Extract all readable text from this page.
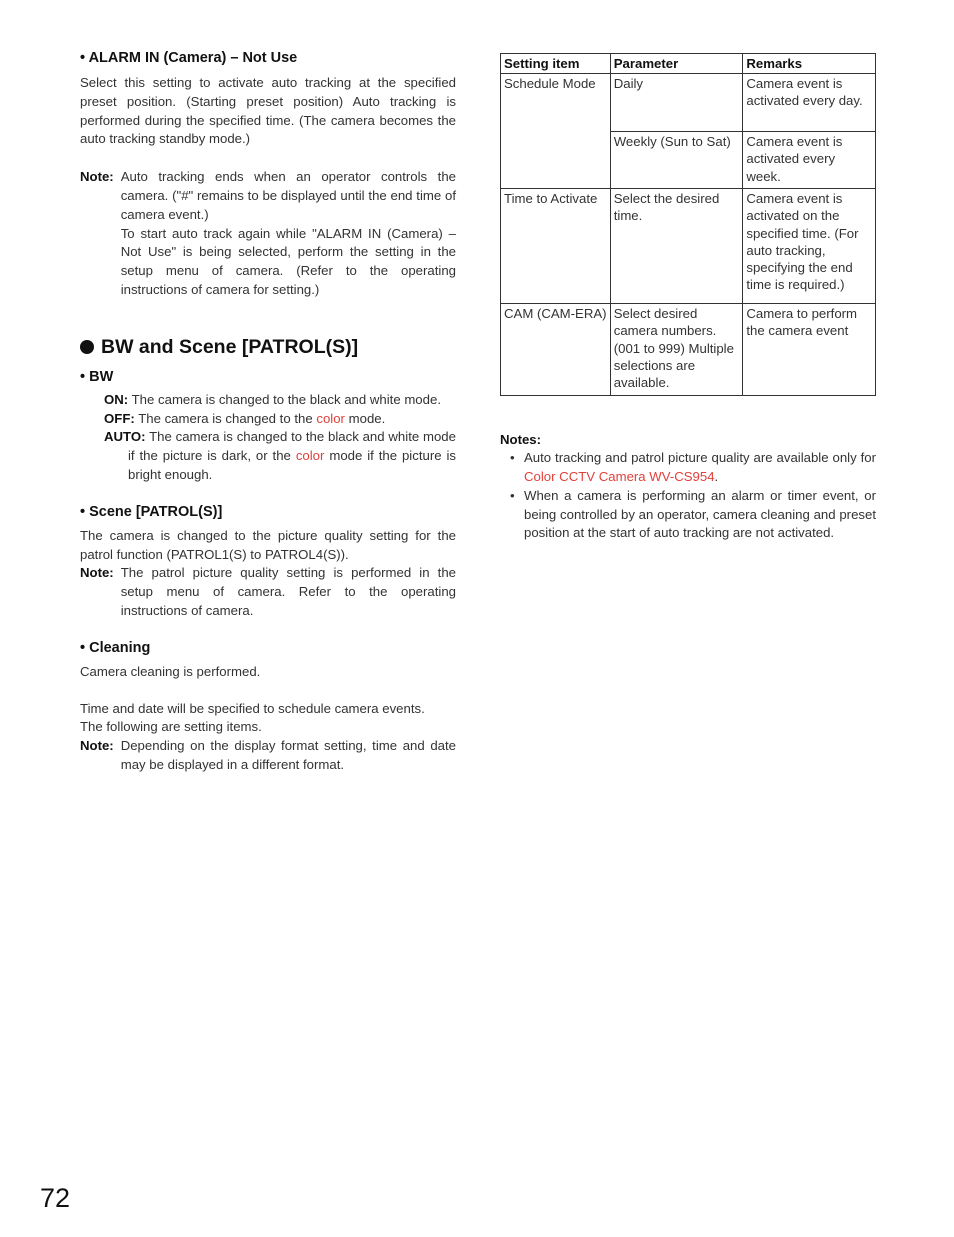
• ALARM IN (Camera) – Not Use

Select this setting to activate auto tracking at the specified preset position. (Starting preset position) Auto tracking is performed during the specified time. (The camera becomes the auto tracking standby mode.)

Note: Auto tracking ends when an operator controls the camera. ("#" remains to be displayed until the end time of camera event.)
To start auto track again while "ALARM IN (Camera) – Not Use" is being selected, perform the setting in the setup menu of camera. (Refer to the operating instructions of camera for setting.)
BW and Scene [PATROL(S)]

• BW

ON: The camera is changed to the black and white mode.
OFF: The camera is changed to the color mode.
AUTO: The camera is changed to the black and white mode if the picture is dark, or the color mode if the picture is bright enough.

• Scene [PATROL(S)]

The camera is changed to the picture quality setting for the patrol function (PATROL1(S) to PATROL4(S)).

Note: The patrol picture quality setting is performed in the setup menu of camera. Refer to the operating instructions of camera.

• Cleaning

Camera cleaning is performed.

Time and date will be specified to schedule camera events.

The following are setting items.

Note: Depending on the display format setting, time and date may be displayed in a different format.
Setting item	Parameter	Remarks
Schedule Mode	Daily	Camera event is activated every day.
	Weekly (Sun to Sat)	Camera event is activated every week.
Time to Activate	Select the desired time.	Camera event is activated on the specified time. (For auto tracking, specifying the end time is required.)
CAM (CAM-ERA)	Select desired camera numbers. (001 to 999) Multiple selections are available.	Camera to perform the camera event

Notes:

• Auto tracking and patrol picture quality are available only for Color CCTV Camera WV-CS954.
• When a camera is performing an alarm or timer event, or being controlled by an operator, camera cleaning and preset position at the start of auto tracking are not activated.
72
